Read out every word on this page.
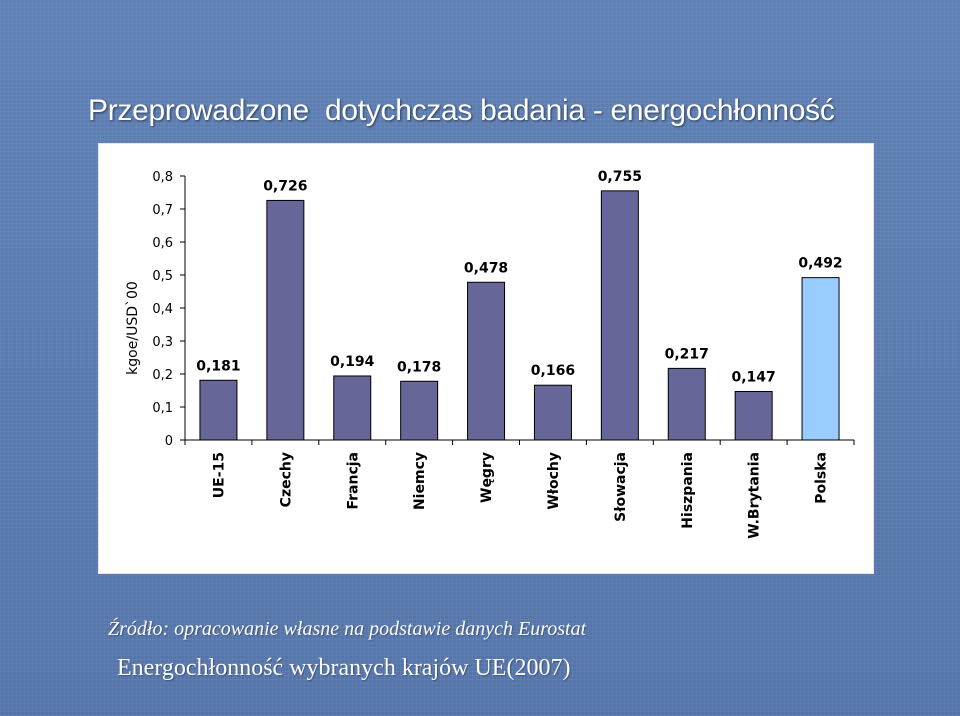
Przeprowadzone  dotychczas badania - energochłonność
0
0,1
0,2
0,3
0,4
0,5
0,6
0,7
0,8
kgoe/USD`00	0,181
UE-15
0,726
Czechy
0,194
Francja
0,178
Niemcy
0,478
Węgry
0,166
Włochy
0,755
Słowacja
0,217
Hiszpania
0,147
W.Brytania
0,492
Polska
Źródło: opracowanie własne na podstawie danych Eurostat
Energochłonność wybranych krajów UE(2007)
